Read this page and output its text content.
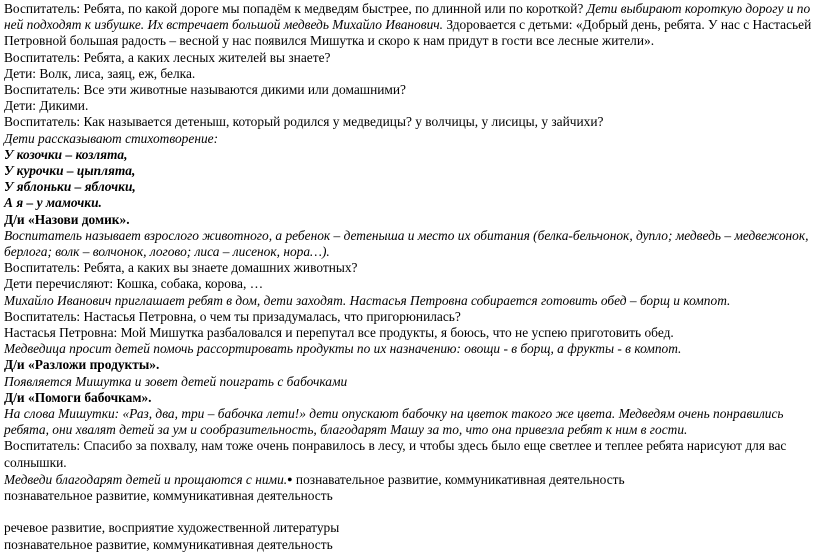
Воспитатель: Ребята, по какой дороге мы попадём к медведям быстрее, по длинной или по короткой? Дети выбирают короткую дорогу и по ней подходят к избушке. Их встречает большой медведь Михайло Иванович. Здоровается с детьми: «Добрый день, ребята. У нас с Настасьей Петровной большая радость – весной у нас появился Мишутка и скоро к нам придут в гости все лесные жители».

Воспитатель: Ребята, а каких лесных жителей вы знаете?

Дети: Волк, лиса, заяц, еж, белка.

Воспитатель: Все эти животные называются дикими или домашними?

Дети: Дикими.

Воспитатель: Как называется детеныш, который родился у медведицы? у волчицы, у лисицы, у зайчихи?

Дети рассказывают стихотворение:

У козочки – козлята,

У курочки – цыплята,

У яблоньки – яблочки,

А я – у мамочки.

Д/и «Назови домик».

Воспитатель называет взрослого животного, а ребенок – детеныша и место их обитания (белка-бельчонок, дупло; медведь – медвежонок, берлога; волк – волчонок, логово; лиса – лисенок, нора…).

Воспитатель: Ребята, а каких вы знаете домашних животных?

Дети перечисляют: Кошка, собака, корова, …

Михайло Иванович приглашает ребят в дом, дети заходят. Настасья Петровна собирается готовить обед – борщ и компот.

Воспитатель: Настасья Петровна, о чем ты призадумалась, что пригорюнилась?

Настасья Петровна: Мой Мишутка разбаловался и перепутал все продукты, я боюсь, что не успею приготовить обед.

Медведица просит детей помочь рассортировать продукты по их назначению: овощи - в борщ, а фрукты - в компот.

Д/и «Разложи продукты».

Появляется Мишутка и зовет детей поиграть с бабочками

Д/и «Помоги бабочкам».

На слова Мишутки: «Раз, два, три – бабочка лети!» дети опускают бабочку на цветок такого же цвета. Медведям очень понравились ребята, они хвалят детей за ум и сообразительность, благодарят Машу за то, что она привезла ребят к ним в гости.

Воспитатель: Спасибо за похвалу, нам тоже очень понравилось в лесу, и чтобы здесь было еще светлее и теплее ребята нарисуют для вас солнышки.

Медведи благодарят детей и прощаются с ними.● познавательное развитие, коммуникативная деятельность

познавательное развитие, коммуникативная деятельность

речевое развитие, восприятие художественной литературы

познавательное развитие, коммуникативная деятельность
